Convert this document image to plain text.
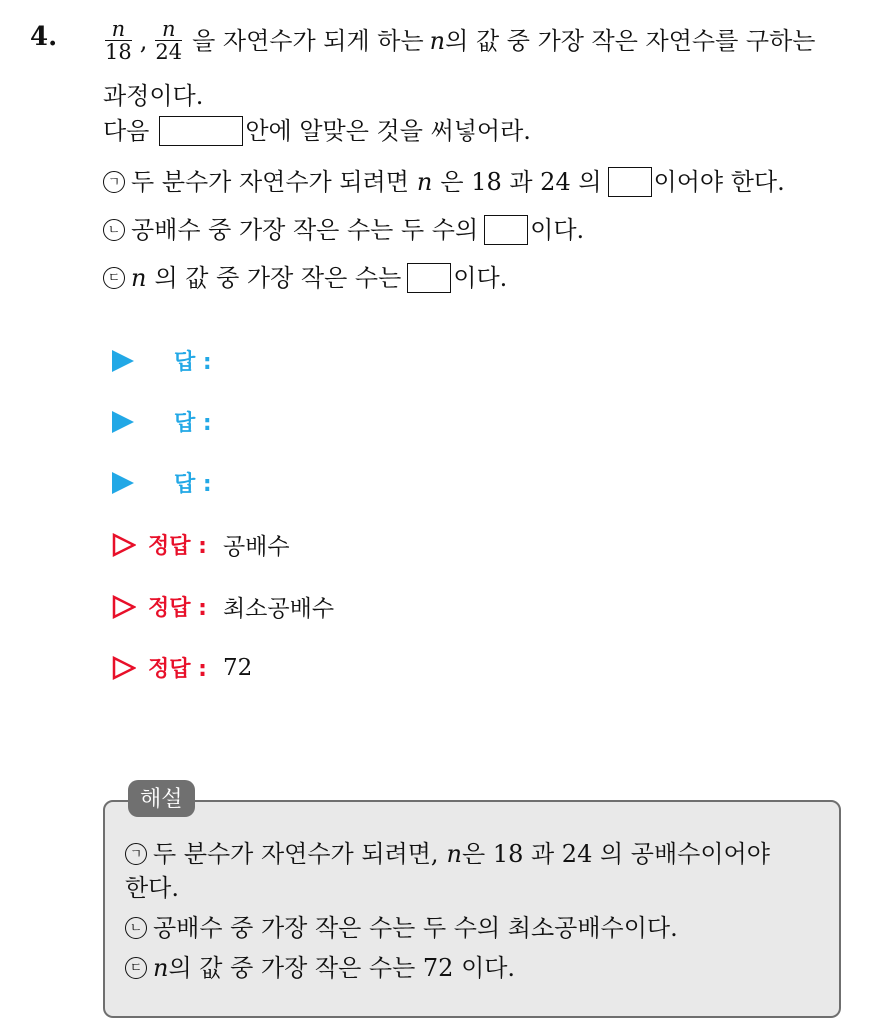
4. $\frac{n}{18}$ , $\frac{n}{24}$ 을 자연수가 되게 하는 n 의 값 중 가장 작은 자연수를 구하는
과정이다.
다음	안에 알맞은 것을 써넣어라.
ㄱ 두 분수가 자연수가 되려면 n 은 18 과 24 의 이어야 한다.
ㄴ 공배수 중 가장 작은 수는 두 수의 이다.
ㄷ n 의 값 중 가장 작은 수는 이다.
답 :
답 :
답 :
정답 : 공배수
정답 : 최소공배수
정답 : 72
해설
ㄱ 두 분수가 자연수가 되려면, n 은 18 과 24 의 공배수이어야
한다.
ㄴ 공배수 중 가장 작은 수는 두 수의 최소공배수이다.
ㄷ n 의 값 중 가장 작은 수는 72 이다.
